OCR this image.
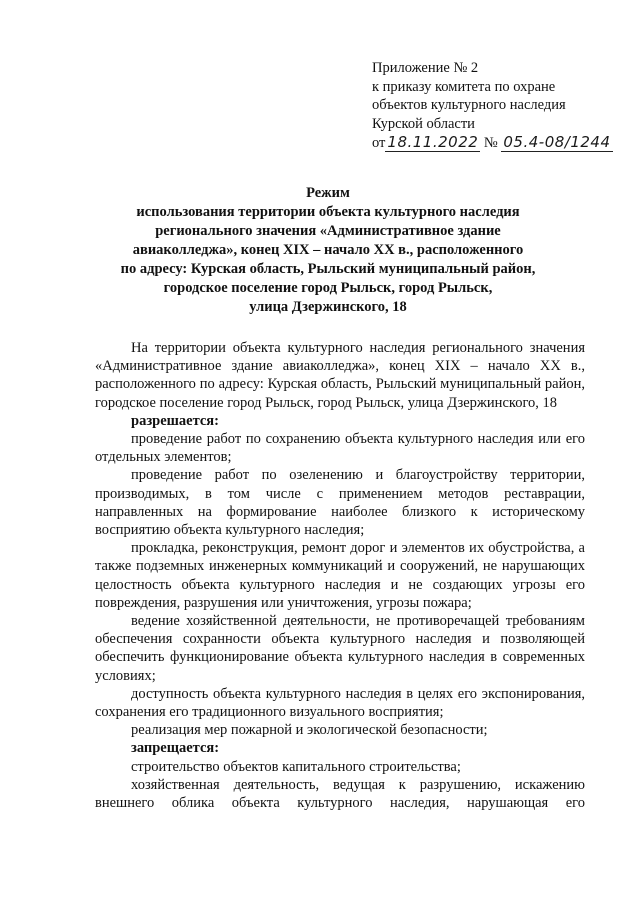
Приложение № 2
к приказу комитета по охране
объектов культурного наследия
Курской области
от 18.11.2022 № 05.4-08/1244
Режим
использования территории объекта культурного наследия
регионального значения «Административное здание
авиаколледжа», конец XIX – начало XX в., расположенного
по адресу: Курская область, Рыльский муниципальный район,
городское поселение город Рыльск, город Рыльск,
улица Дзержинского, 18

На территории объекта культурного наследия регионального значения «Административное здание авиаколледжа», конец XIX – начало XX в., расположенного по адресу: Курская область, Рыльский муниципальный район, городское поселение город Рыльск, город Рыльск, улица Дзержинского, 18

разрешается:

проведение работ по сохранению объекта культурного наследия или его отдельных элементов;

проведение работ по озеленению и благоустройству территории, производимых, в том числе с применением методов реставрации, направленных на формирование наиболее близкого к историческому восприятию объекта культурного наследия;

прокладка, реконструкция, ремонт дорог и элементов их обустройства, а также подземных инженерных коммуникаций и сооружений, не нарушающих целостность объекта культурного наследия и не создающих угрозы его повреждения, разрушения или уничтожения, угрозы пожара;

ведение хозяйственной деятельности, не противоречащей требованиям обеспечения сохранности объекта культурного наследия и позволяющей обеспечить функционирование объекта культурного наследия в современных условиях;

доступность объекта культурного наследия в целях его экспонирования, сохранения его традиционного визуального восприятия;

реализация мер пожарной и экологической безопасности;

запрещается:

строительство объектов капитального строительства;

хозяйственная деятельность, ведущая к разрушению, искажению внешнего облика объекта культурного наследия, нарушающая его
